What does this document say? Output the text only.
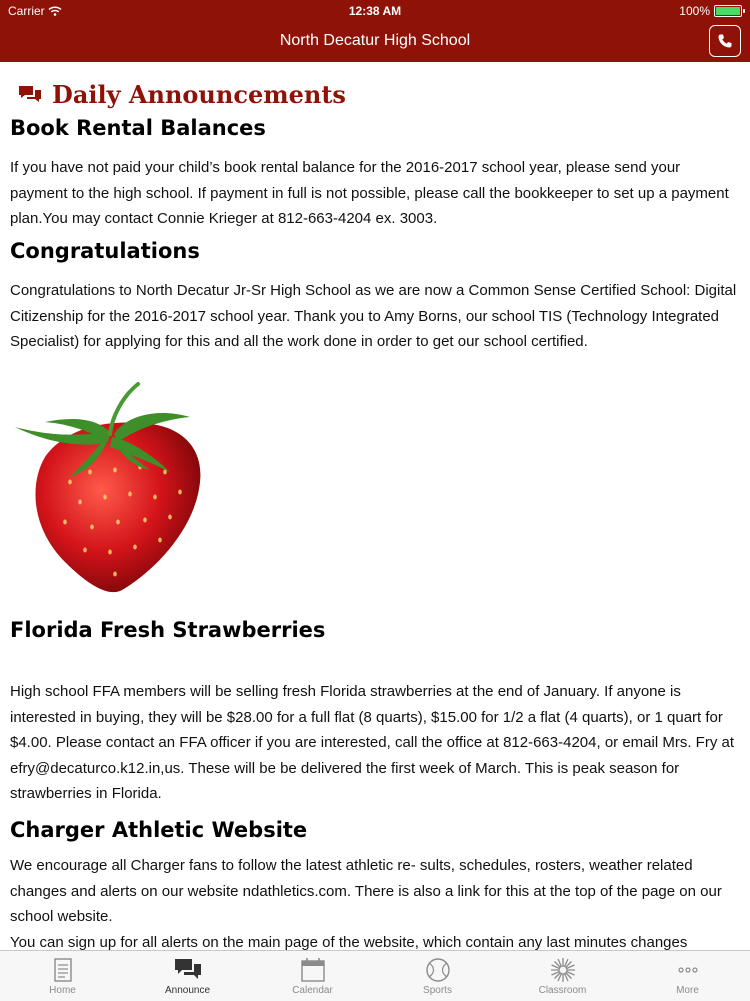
Carrier	12:38 AM	100%
North Decatur High School
Daily Announcements
Book Rental Balances
If you have not paid your child’s book rental balance for the 2016-2017 school year, please send your payment to the high school. If payment in full is not possible, please call the bookkeeper to set up a payment plan.You may contact Connie Krieger at 812-663-4204 ex. 3003.
Congratulations
Congratulations to North Decatur Jr-Sr High School as we are now a Common Sense Certified School: Digital Citizenship for the 2016-2017 school year. Thank you to Amy Borns, our school TIS (Technology Integrated Specialist) for applying for this and all the work done in order to get our school certified.
Florida Fresh Strawberries
High school FFA members will be selling fresh Florida strawberries at the end of January. If anyone is interested in buying, they will be $28.00 for a full flat (8 quarts), $15.00 for 1/2 a flat (4 quarts), or 1 quart for $4.00. Please contact an FFA officer if you are interested, call the office at 812-663-4204, or email Mrs. Fry at efry@decaturco.k12.in,us. These will be be delivered the first week of March. This is peak season for strawberries in Florida.
Charger Athletic Website
We encourage all Charger fans to follow the latest athletic re- sults, schedules, rosters, weather related changes and alerts on our website ndathletics.com. There is also a link for this at the top of the page on our school website.
You can sign up for all alerts on the main page of the website, which contain any last minutes changes
Home	Announce	Calendar	Sports	Classroom	More
